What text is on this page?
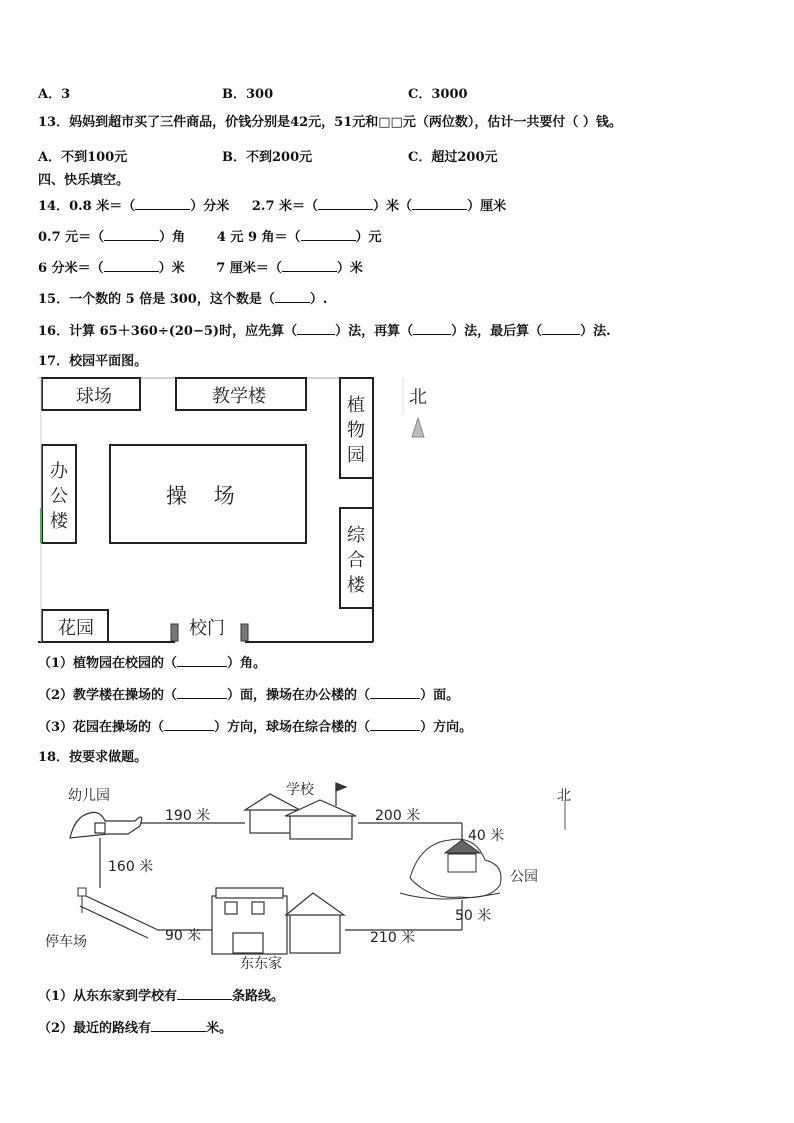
A．3	B．300	C．3000
13．妈妈到超市买了三件商品，价钱分别是42元，51元和□□元（两位数），估计一共要付（ ）钱。
A．不到100元	B．不到200元	C．超过200元
四、快乐填空。
14．0.8 米＝（	）分米 2.7 米＝（	）米（	）厘米
0.7 元＝（	）角 4 元 9 角＝（	）元
6 分米＝（	）米 7 厘米＝（	）米
15．一个数的 5 倍是 300，这个数是（	）.
16．计算 65＋360÷(20−5)时，应先算（	）法，再算（	）法，最后算（	）法.
17．校园平面图。
球场	教学楼	植
物
园
北
办
公
楼
操    场
综
合
楼
花园	校门
（1）植物园在校园的（	）角。
（2）教学楼在操场的（	）面，操场在办公楼的（	）面。
（3）花园在操场的（	）方向，球场在综合楼的（	）方向。
18．按要求做题。
幼儿园	学校	北
公园
停车场
东东家
190 米	200 米
40 米
160 米
50 米
90 米	210 米
（1）从东东家到学校有	条路线。
（2）最近的路线有	米。
